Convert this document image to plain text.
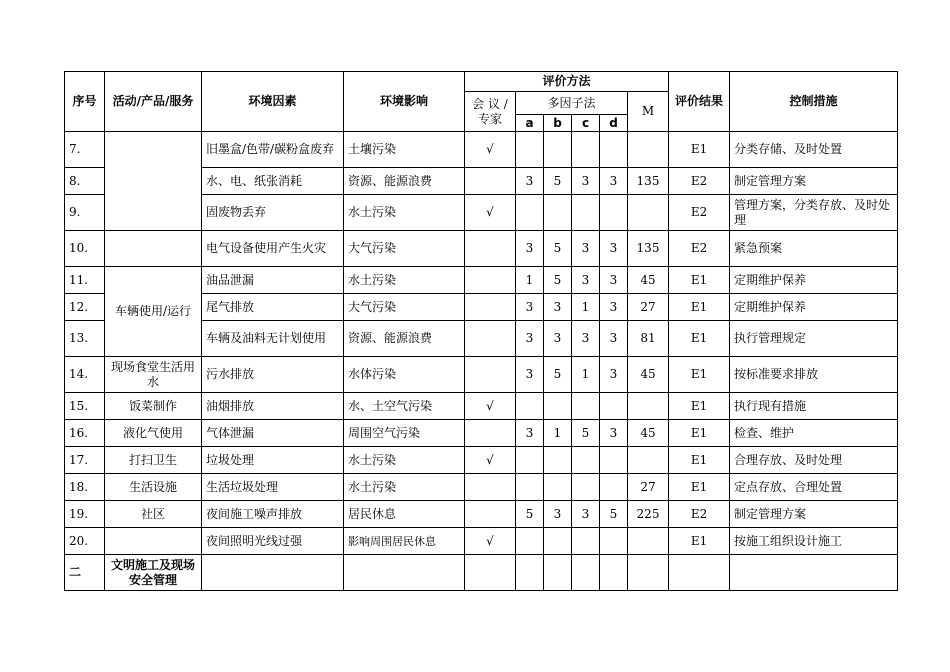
序号	活动/产品/服务	环境因素	环境影响	评价方法						评价结果	控制措施
				会 议 / 专家	多因子法				M		
					a	b	c	d			
7.		旧墨盒/色带/碳粉盒废弃	土壤污染	√						E1	分类存储、及时处置
8.		水、电、纸张消耗	资源、能源浪费		3	5	3	3	135	E2	制定管理方案
9.		固废物丢弃	水土污染	√						E2	管理方案，分类存放、及时处理
10.		电气设备使用产生火灾	大气污染		3	5	3	3	135	E2	紧急预案
11.	车辆使用/运行	油品泄漏	水土污染		1	5	3	3	45	E1	定期维护保养
12.		尾气排放	大气污染		3	3	1	3	27	E1	定期维护保养
13.		车辆及油料无计划使用	资源、能源浪费		3	3	3	3	81	E1	执行管理规定
14.	现场食堂生活用水	污水排放	水体污染		3	5	1	3	45	E1	按标准要求排放
15.	饭菜制作	油烟排放	水、土空气污染	√						E1	执行现有措施
16.	液化气使用	气体泄漏	周围空气污染		3	1	5	3	45	E1	检查、维护
17.	打扫卫生	垃圾处理	水土污染	√						E1	合理存放、及时处理
18.	生活设施	生活垃圾处理	水土污染						27	E1	定点存放、合理处置
19.	社区	夜间施工噪声排放	居民休息		5	3	3	5	225	E2	制定管理方案
20.		夜间照明光线过强	影响周围居民休息	√						E1	按施工组织设计施工
二	文明施工及现场安全管理										
